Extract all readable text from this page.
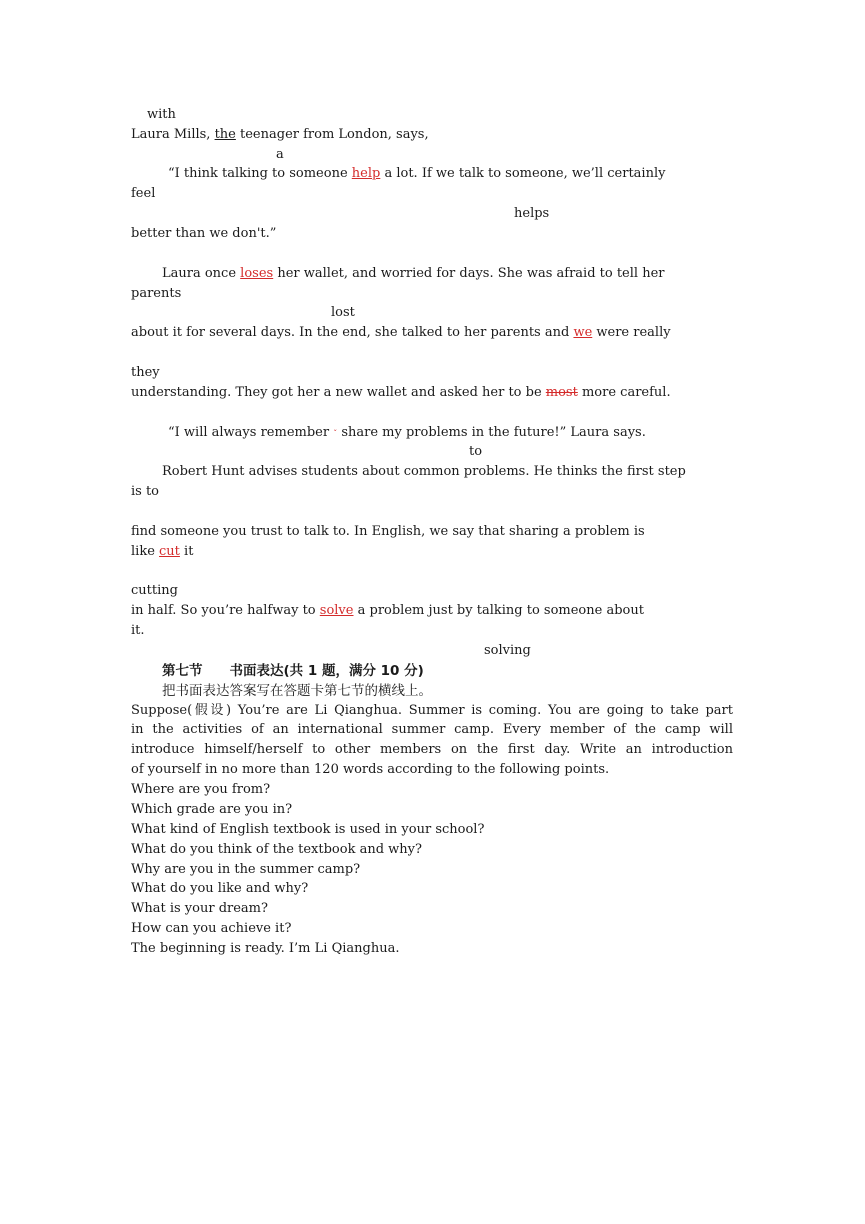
with
Laura Mills, the teenager from London, says,
a
“I think talking to someone help a lot. If we talk to someone, we’ll certainly
feel
helps
better than we don't.”
Laura once loses her wallet, and worried for days. She was afraid to tell her
parents
lost
about it for several days. In the end, she talked to her parents and we were really
they
understanding. They got her a new wallet and asked her to be most more careful.
“I will always remember ˇ share my problems in the future!” Laura says.
to
Robert Hunt advises students about common problems. He thinks the first step
is to
find someone you trust to talk to. In English, we say that sharing a problem is
like cut it
cutting
in half. So you’re halfway to solve a problem just by talking to someone about
it.
solving
第七节　　书面表达(共 1 题，满分 10 分)
把书面表达答案写在答题卡第七节的横线上。
Suppose(假设) You’re are Li Qianghua. Summer is coming. You are going to take part
in the activities of an international summer camp. Every member of the camp will
introduce himself/herself to other members on the first day. Write an introduction
of yourself in no more than 120 words according to the following points.
Where are you from?
Which grade are you in?
What kind of English textbook is used in your school?
What do you think of the textbook and why?
Why are you in the summer camp?
What do you like and why?
What is your dream?
How can you achieve it?
The beginning is ready. I’m Li Qianghua.
